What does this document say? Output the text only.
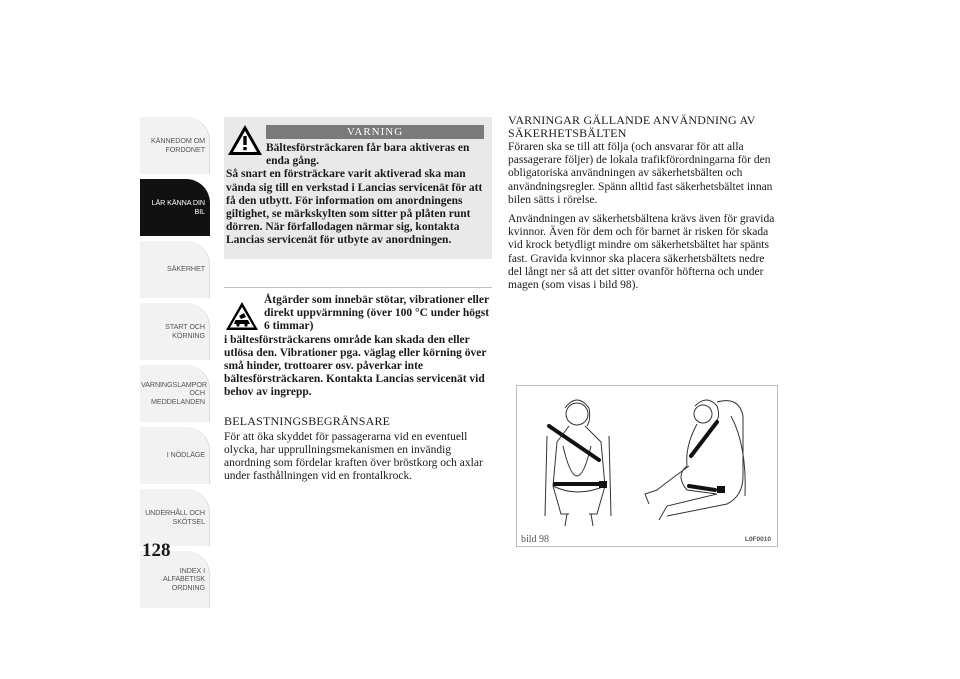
KÄNNEDOM OM
FORDONET
LÄR KÄNNA DIN
BIL
SÄKERHET
START OCH
KÖRNING
VARNINGSLAMPOR
OCH
MEDDELANDEN
I NÖDLÄGE
UNDERHÅLL OCH
SKÖTSEL
INDEX I
ALFABETISK
ORDNING
128
VARNING
Bältesförsträckaren får bara aktiveras en enda gång.
Så snart en försträckare varit aktiverad ska man vända sig till en verkstad i Lancias servicenät för att få den utbytt. För information om anordningens giltighet, se märkskylten som sitter på plåten runt dörren. När förfallodagen närmar sig, kontakta Lancias servicenät för utbyte av anordningen.
Åtgärder som innebär stötar, vibrationer eller direkt uppvärmning (över 100 °C under högst 6 timmar)
i bältesförsträckarens område kan skada den eller utlösa den. Vibrationer pga. väglag eller körning över små hinder, trottoarer osv. påverkar inte bältesförsträckaren. Kontakta Lancias servicenät vid behov av ingrepp.
BELASTNINGSBEGRÄNSARE

För att öka skyddet för passagerarna vid en eventuell olycka, har upprullningsmekanismen en invändig anordning som fördelar kraften över bröstkorg och axlar under fasthållningen vid en frontalkrock.

VARNINGAR GÄLLANDE ANVÄNDNING AV SÄKERHETSBÄLTEN

Föraren ska se till att följa (och ansvarar för att alla passagerare följer) de lokala trafikförordningarna för den obligatoriska användningen av säkerhetsbälten och användningsregler. Spänn alltid fast säkerhetsbältet innan bilen sätts i rörelse.

Användningen av säkerhetsbältena krävs även för gravida kvinnor. Även för dem och för barnet är risken för skada vid krock betydligt mindre om säkerhetsbältet har spänts fast. Gravida kvinnor ska placera säkerhetsbältets nedre del långt ner så att det sitter ovanför höfterna och under magen (som visas i bild 98).

bild 98	L0F0010
